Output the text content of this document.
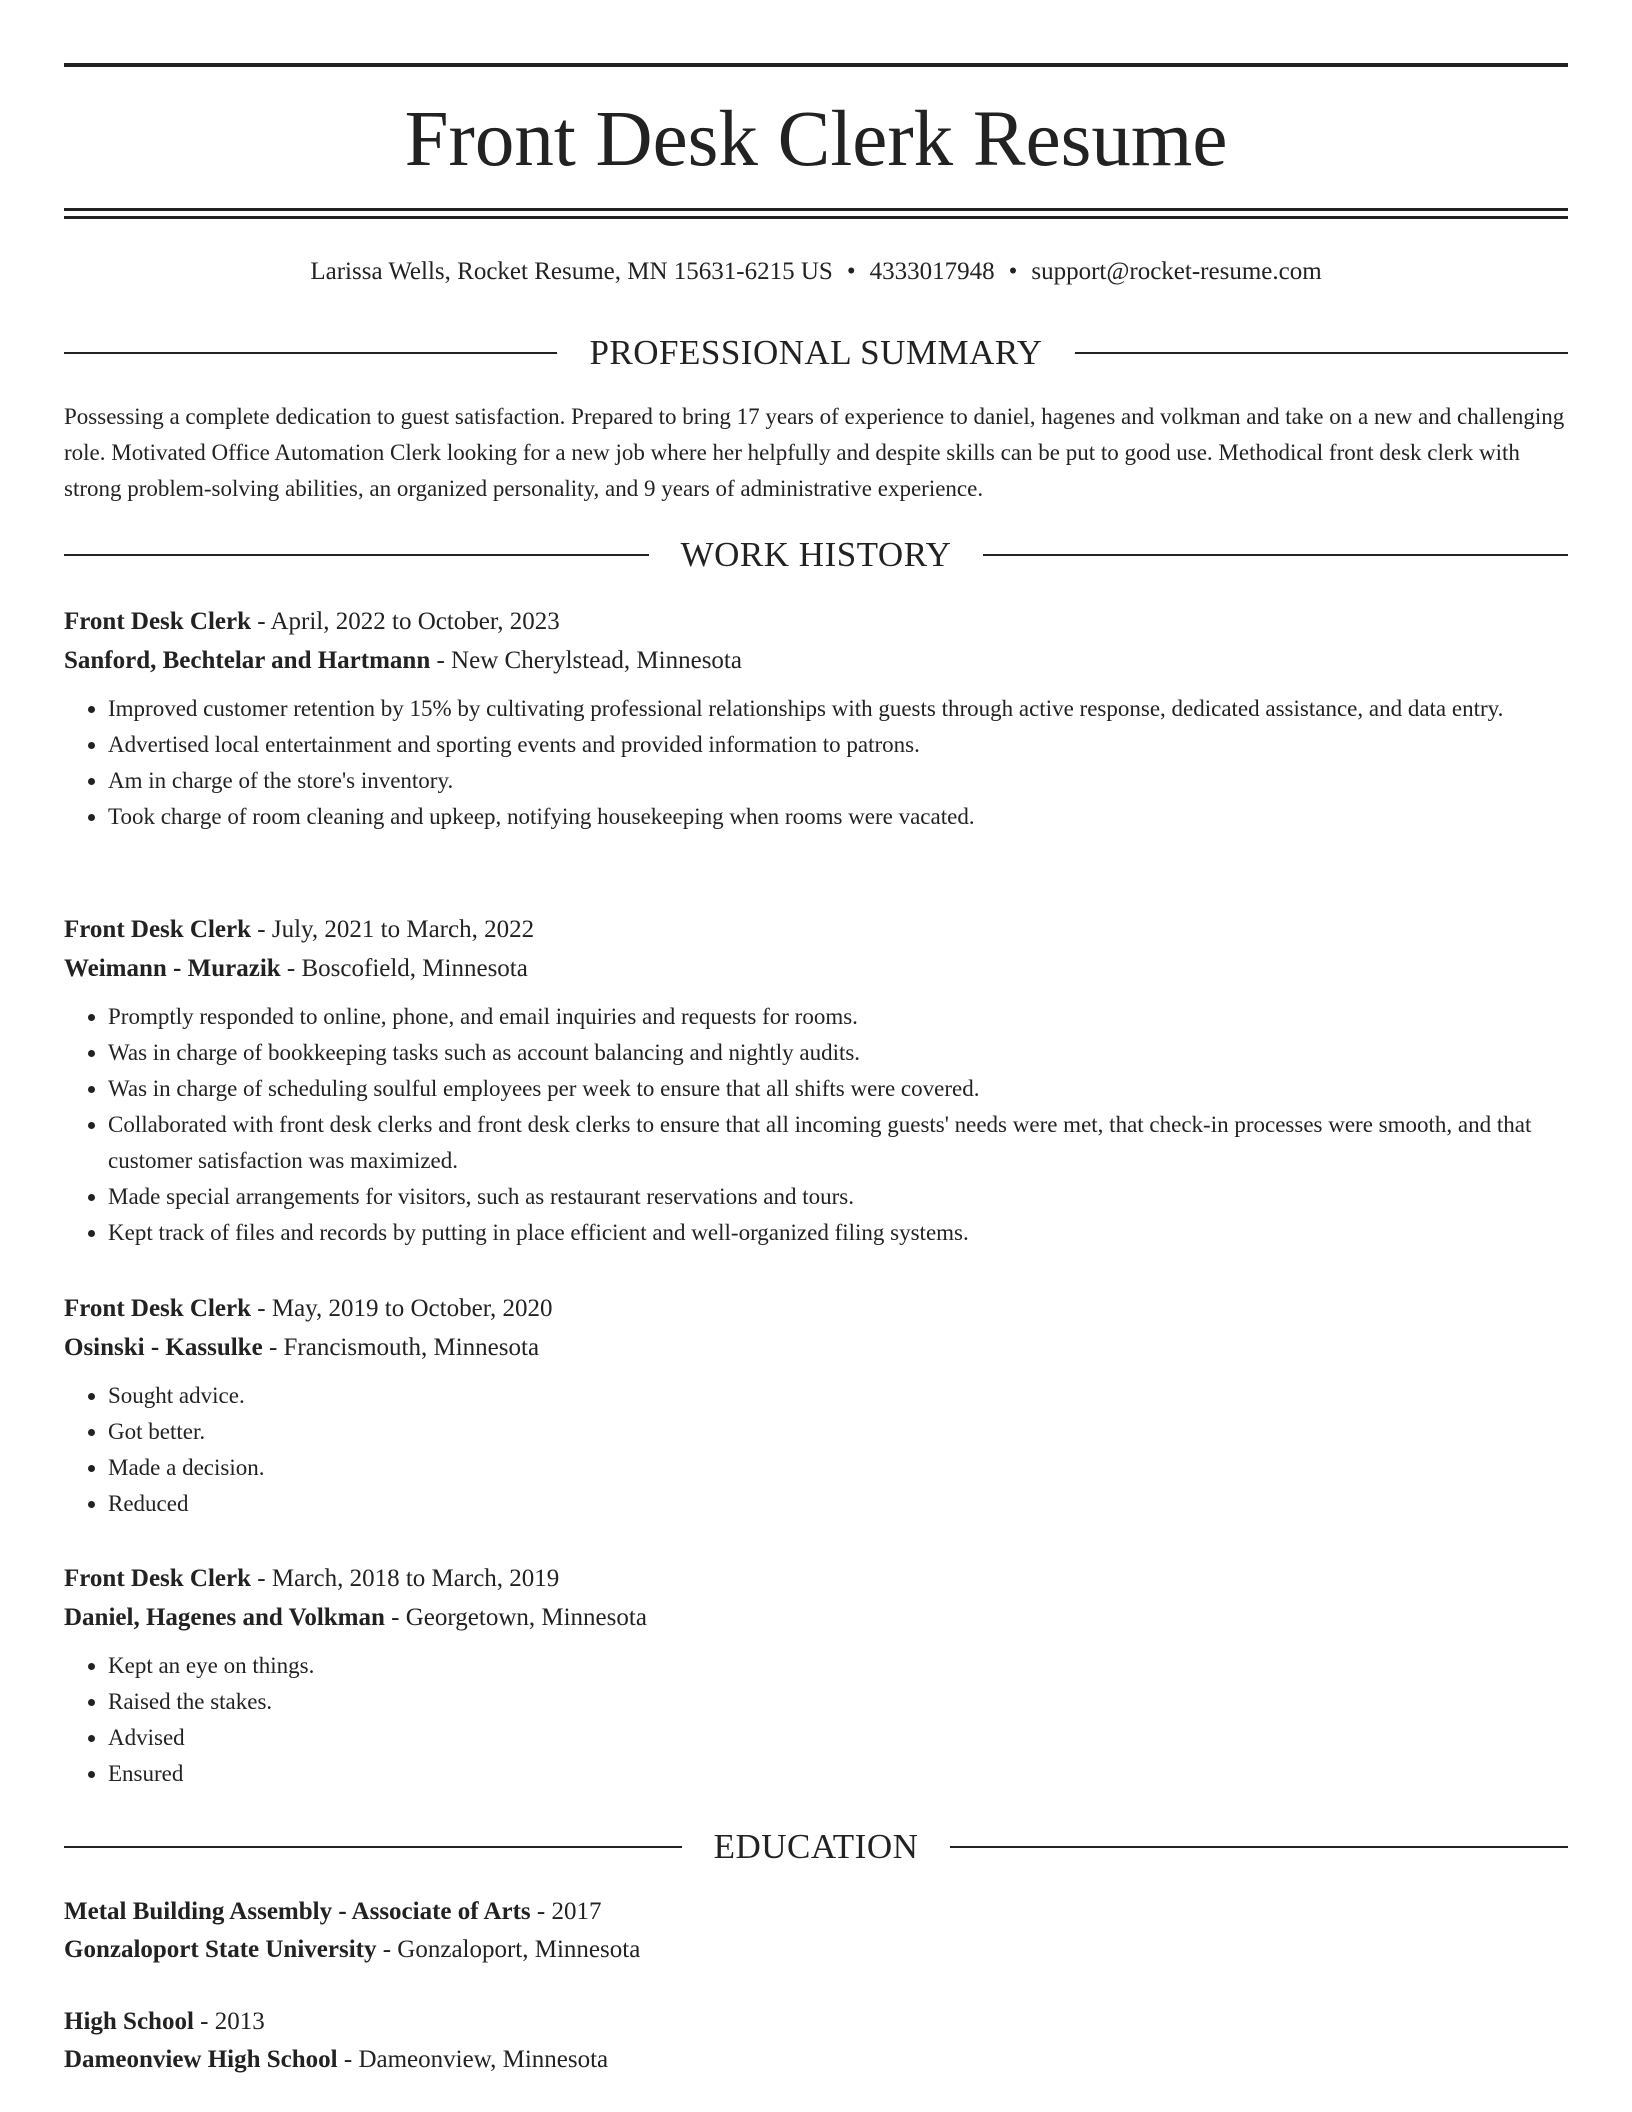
Front Desk Clerk Resume
Larissa Wells, Rocket Resume, MN 15631-6215 US • 4333017948 • support@rocket-resume.com
PROFESSIONAL SUMMARY

Possessing a complete dedication to guest satisfaction. Prepared to bring 17 years of experience to daniel, hagenes and volkman and take on a new and challenging role. Motivated Office Automation Clerk looking for a new job where her helpfully and despite skills can be put to good use. Methodical front desk clerk with strong problem-solving abilities, an organized personality, and 9 years of administrative experience.

WORK HISTORY

Front Desk Clerk - April, 2022 to October, 2023

Sanford, Bechtelar and Hartmann - New Cherylstead, Minnesota

• Improved customer retention by 15% by cultivating professional relationships with guests through active response, dedicated assistance, and data entry.
• Advertised local entertainment and sporting events and provided information to patrons.
• Am in charge of the store's inventory.
• Took charge of room cleaning and upkeep, notifying housekeeping when rooms were vacated.

Front Desk Clerk - July, 2021 to March, 2022

Weimann - Murazik - Boscofield, Minnesota

• Promptly responded to online, phone, and email inquiries and requests for rooms.
• Was in charge of bookkeeping tasks such as account balancing and nightly audits.
• Was in charge of scheduling soulful employees per week to ensure that all shifts were covered.
• Collaborated with front desk clerks and front desk clerks to ensure that all incoming guests' needs were met, that check-in processes were smooth, and that customer satisfaction was maximized.
• Made special arrangements for visitors, such as restaurant reservations and tours.
• Kept track of files and records by putting in place efficient and well-organized filing systems.

Front Desk Clerk - May, 2019 to October, 2020

Osinski - Kassulke - Francismouth, Minnesota

• Sought advice.
• Got better.
• Made a decision.
• Reduced

Front Desk Clerk - March, 2018 to March, 2019

Daniel, Hagenes and Volkman - Georgetown, Minnesota

• Kept an eye on things.
• Raised the stakes.
• Advised
• Ensured
EDUCATION

Metal Building Assembly - Associate of Arts - 2017

Gonzaloport State University - Gonzaloport, Minnesota

High School - 2013

Dameonview High School - Dameonview, Minnesota
